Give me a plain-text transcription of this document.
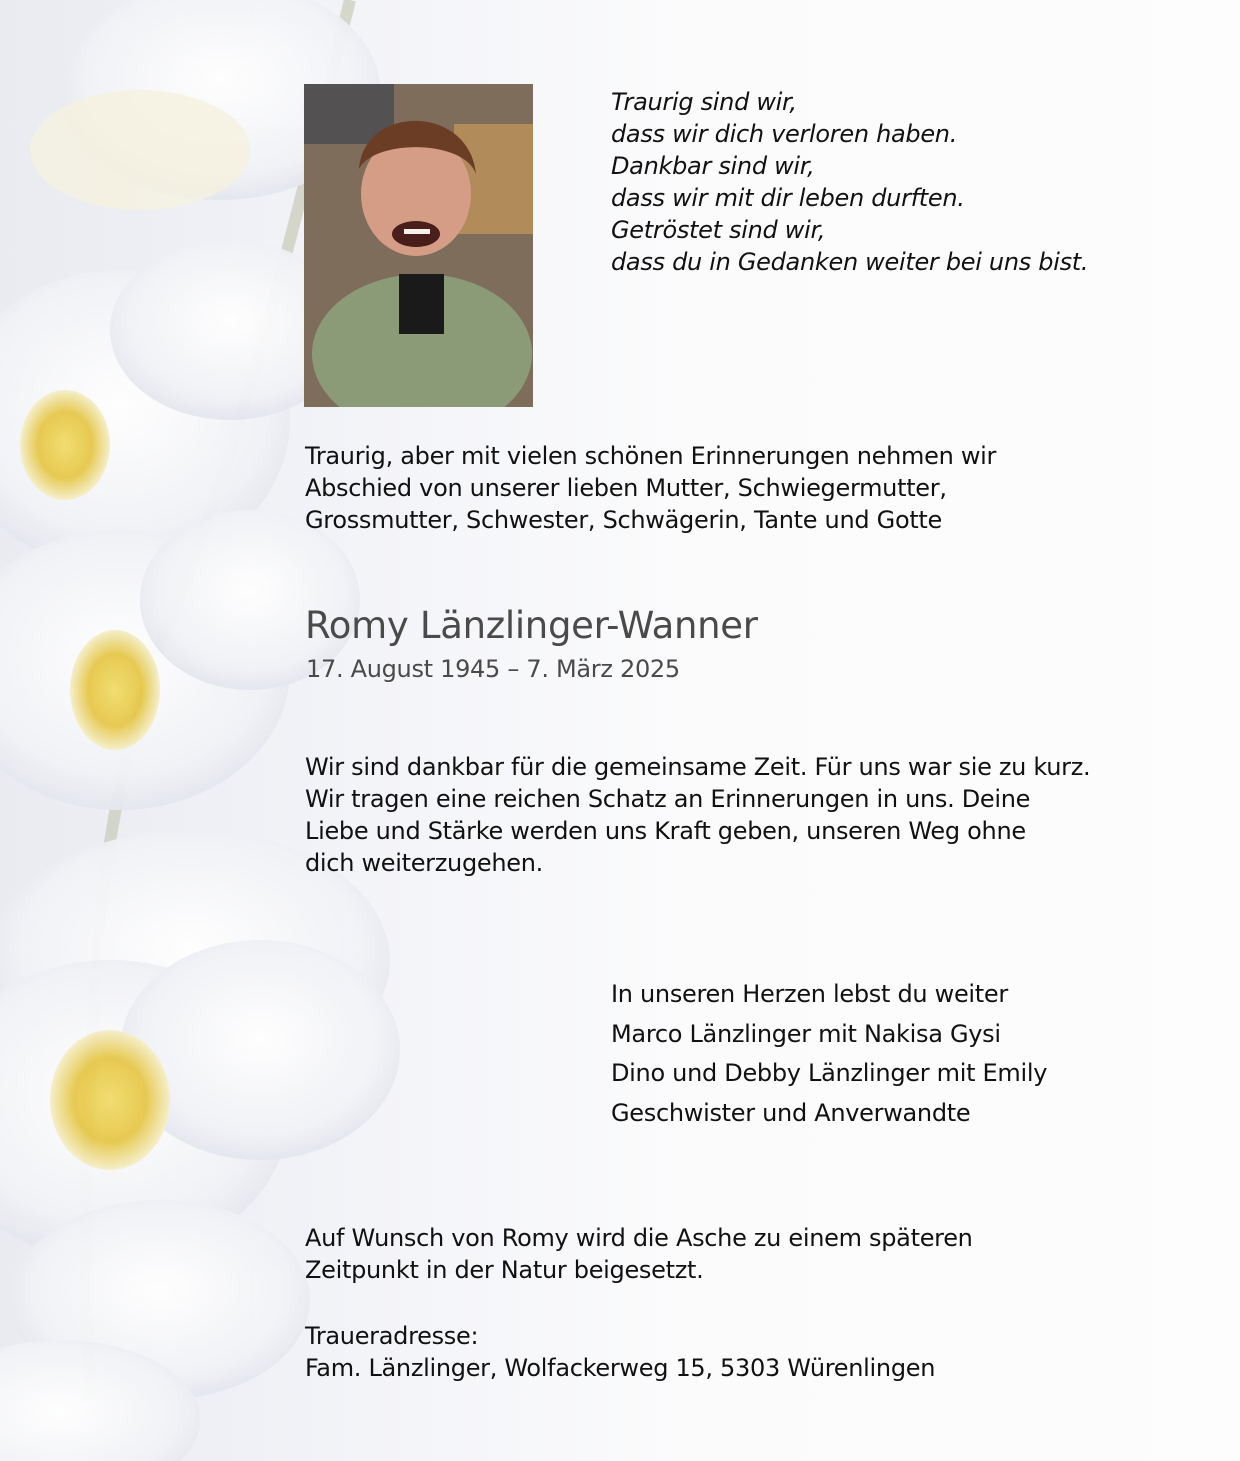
Traurig sind wir,
dass wir dich verloren haben.
Dankbar sind wir,
dass wir mit dir leben durften.
Getröstet sind wir,
dass du in Gedanken weiter bei uns bist.
Traurig, aber mit vielen schönen Erinnerungen nehmen wir
Abschied von unserer lieben Mutter, Schwiegermutter,
Grossmutter, Schwester, Schwägerin, Tante und Gotte
Romy Länzlinger-Wanner
17. August 1945 – 7. März 2025
Wir sind dankbar für die gemeinsame Zeit. Für uns war sie zu kurz.
Wir tragen eine reichen Schatz an Erinnerungen in uns. Deine
Liebe und Stärke werden uns Kraft geben, unseren Weg ohne
dich weiterzugehen.
In unseren Herzen lebst du weiter
Marco Länzlinger mit Nakisa Gysi
Dino und Debby Länzlinger mit Emily
Geschwister und Anverwandte
Auf Wunsch von Romy wird die Asche zu einem späteren
Zeitpunkt in der Natur beigesetzt.
Traueradresse:
Fam. Länzlinger, Wolfackerweg 15, 5303 Würenlingen
